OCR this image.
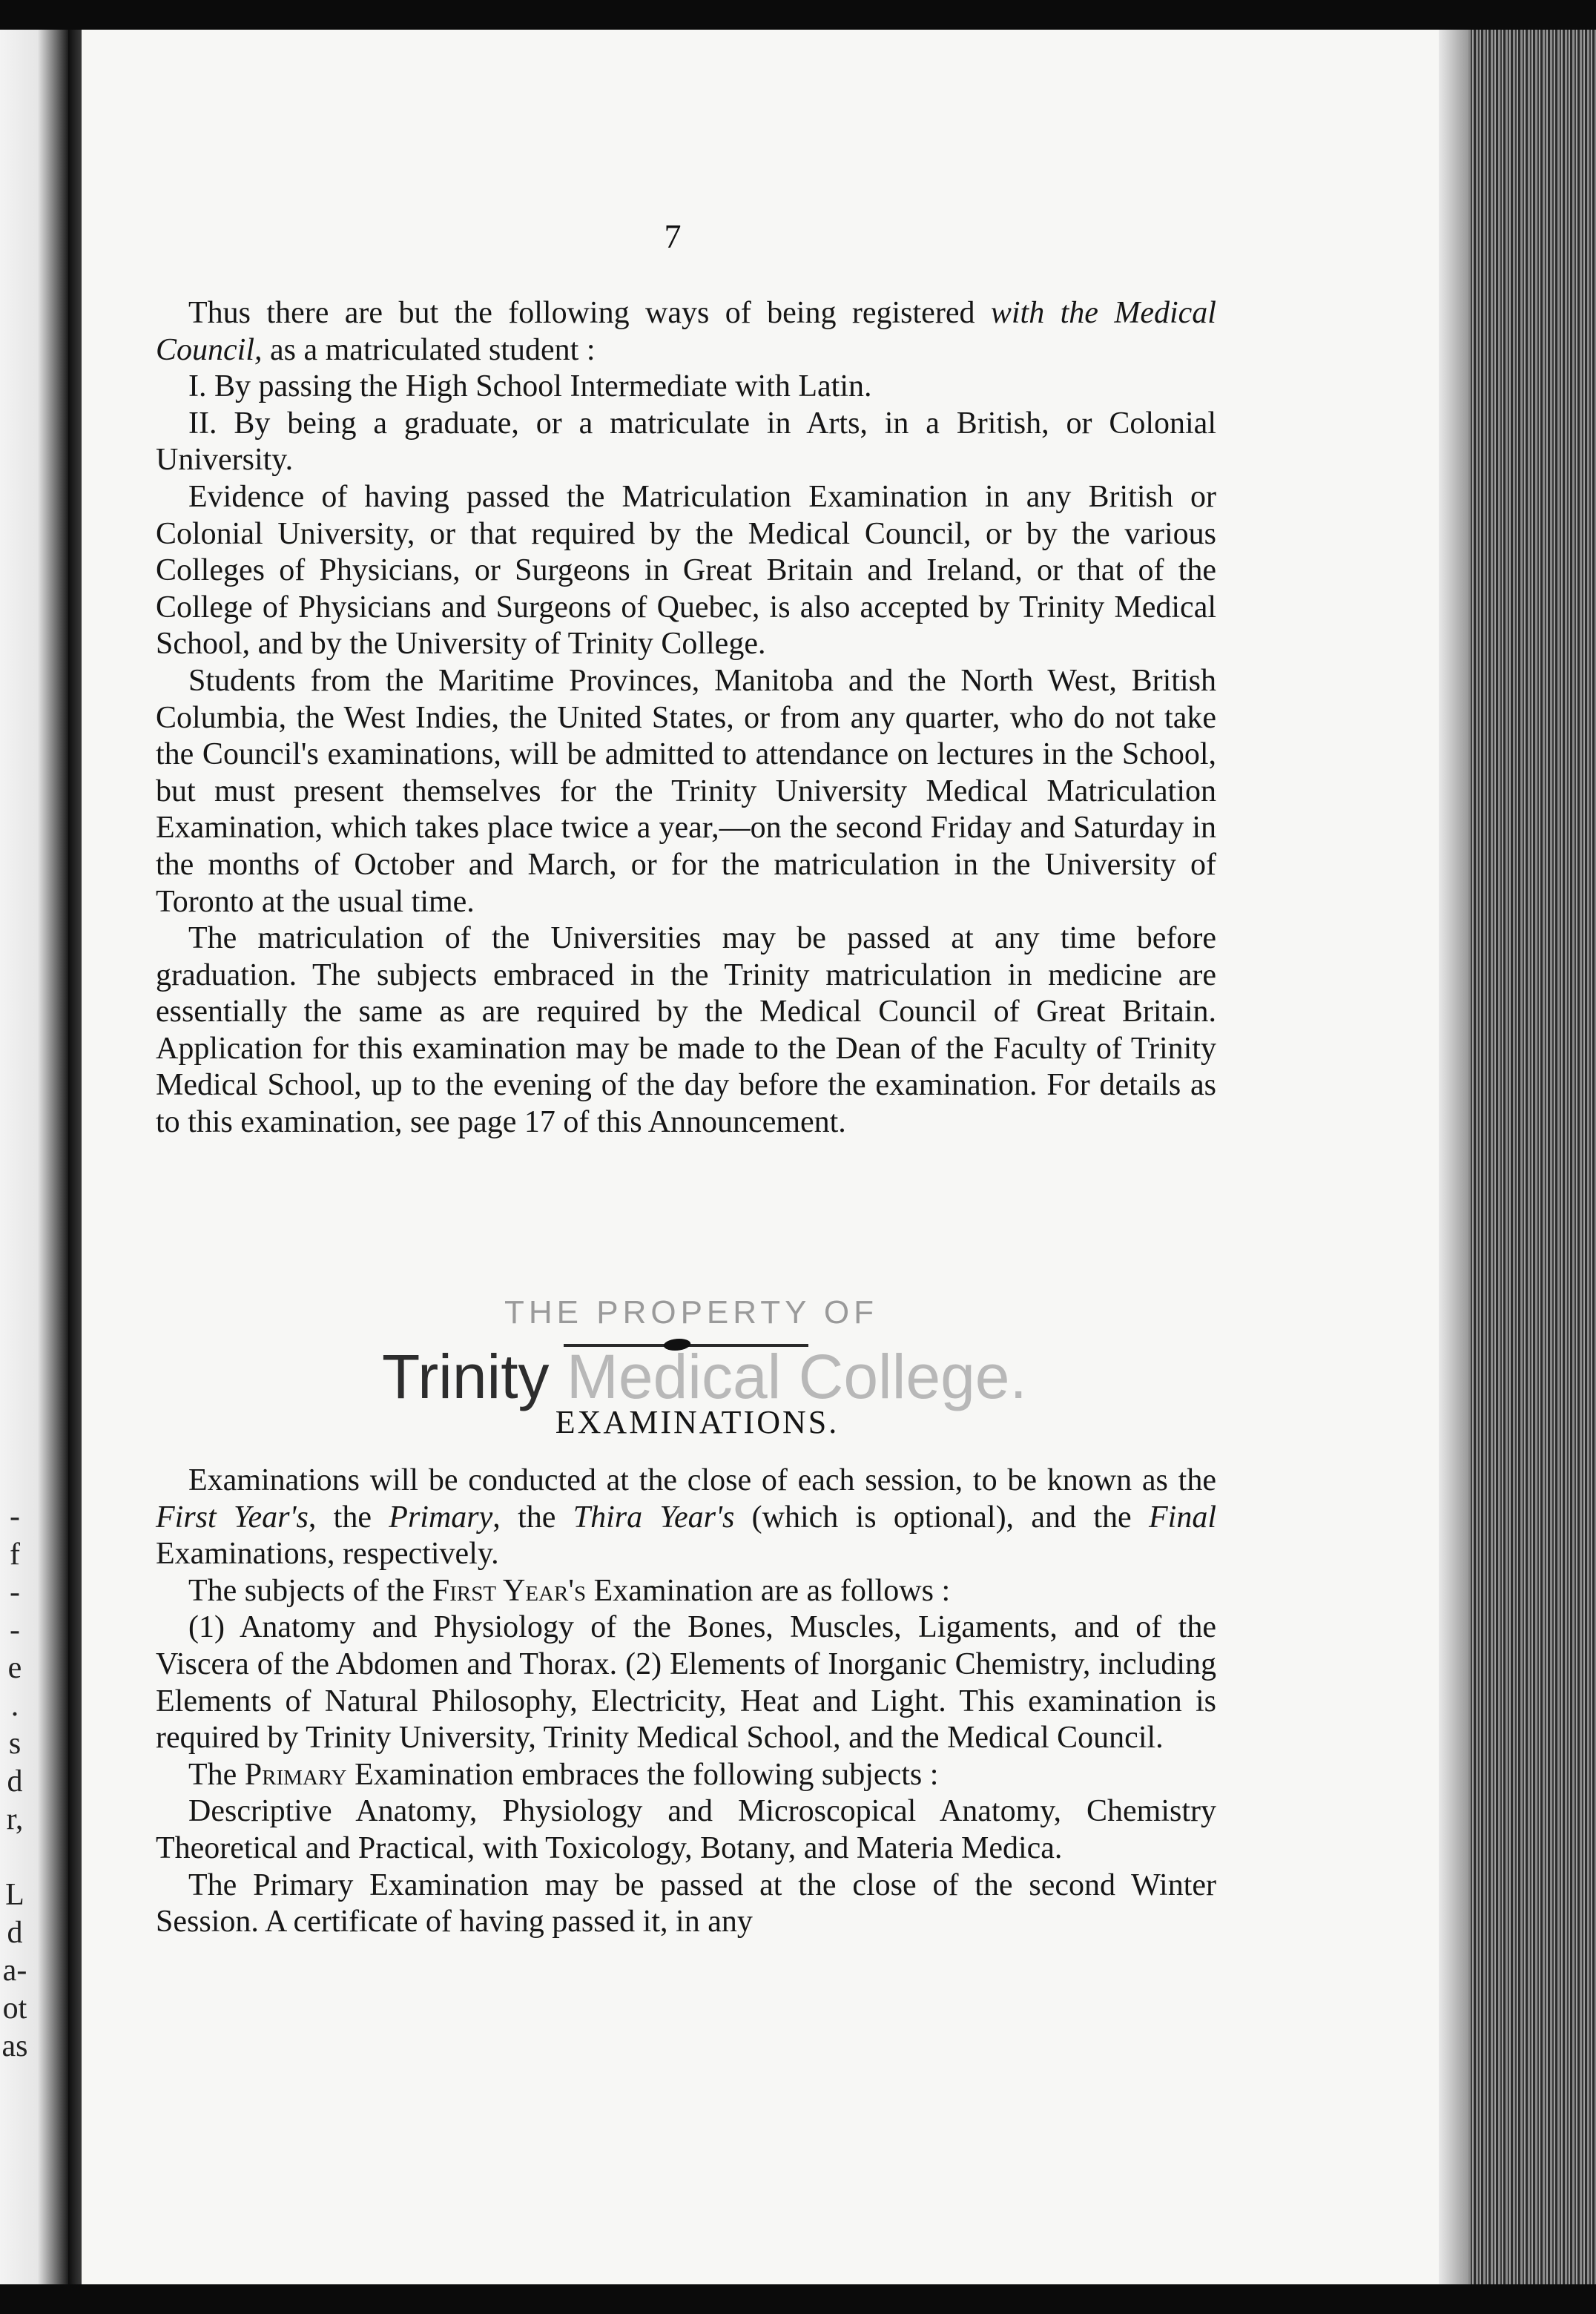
-
f
-
-
e
.
s
d
r,

L
d
a-
ot
as
7

Thus there are but the following ways of being registered with the Medical Council, as a matriculated student :

I. By passing the High School Intermediate with Latin.

II. By being a graduate, or a matriculate in Arts, in a British, or Colonial University.

Evidence of having passed the Matriculation Examination in any British or Colonial University, or that required by the Medical Council, or by the various Colleges of Physicians, or Surgeons in Great Britain and Ireland, or that of the College of Physicians and Surgeons of Quebec, is also accepted by Trinity Medical School, and by the University of Trinity College.

Students from the Maritime Provinces, Manitoba and the North West, British Columbia, the West Indies, the United States, or from any quarter, who do not take the Council's examinations, will be admitted to attendance on lectures in the School, but must present themselves for the Trinity University Medical Matriculation Examination, which takes place twice a year,—on the second Friday and Saturday in the months of October and March, or for the matriculation in the University of Toronto at the usual time.

The matriculation of the Universities may be passed at any time before graduation. The subjects embraced in the Trinity matriculation in medicine are essentially the same as are required by the Medical Council of Great Britain. Application for this examination may be made to the Dean of the Faculty of Trinity Medical School, up to the evening of the day before the examination. For details as to this examination, see page 17 of this Announcement.

THE PROPERTY OF
Trinity Medical College.
EXAMINATIONS.

Examinations will be conducted at the close of each session, to be known as the First Year's, the Primary, the Thira Year's (which is optional), and the Final Examinations, respectively.

The subjects of the First Year's Examination are as follows :

(1) Anatomy and Physiology of the Bones, Muscles, Ligaments, and of the Viscera of the Abdomen and Thorax. (2) Elements of Inorganic Chemistry, including Elements of Natural Philosophy, Electricity, Heat and Light. This examination is required by Trinity University, Trinity Medical School, and the Medical Council.

The Primary Examination embraces the following subjects :

Descriptive Anatomy, Physiology and Microscopical Anatomy, Chemistry Theoretical and Practical, with Toxicology, Botany, and Materia Medica.

The Primary Examination may be passed at the close of the second Winter Session. A certificate of having passed it, in any
